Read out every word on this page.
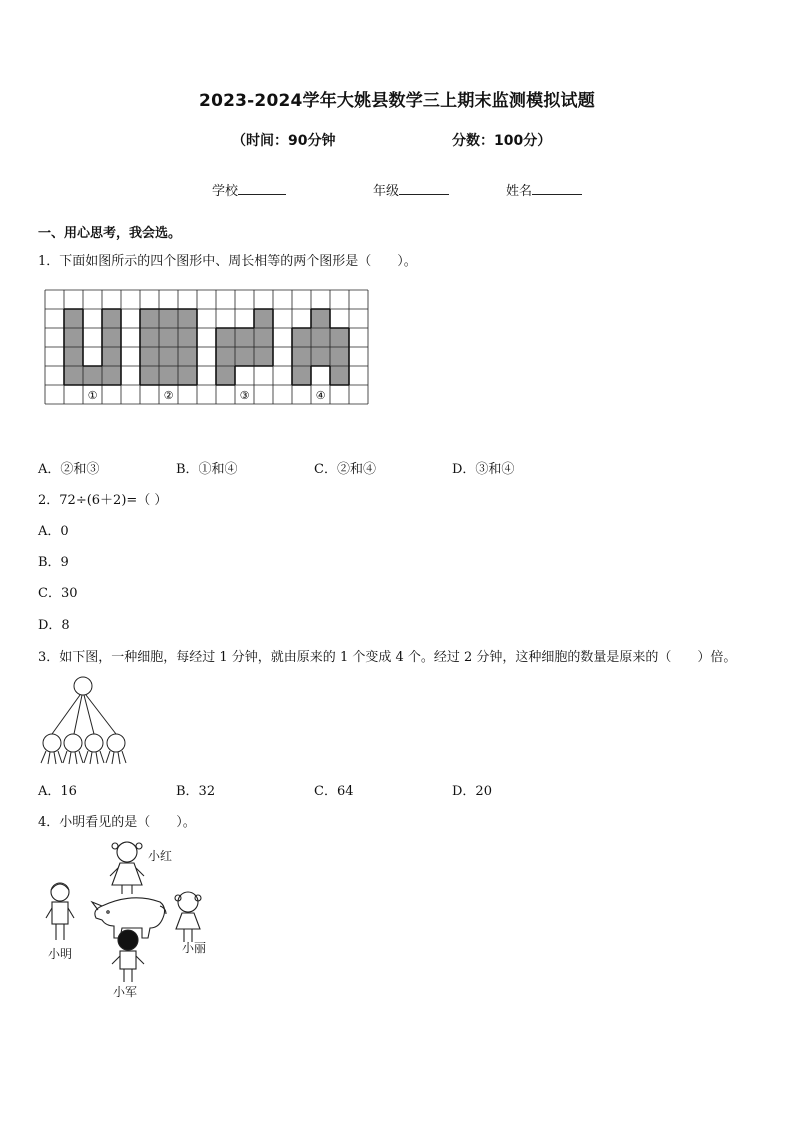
2023-2024学年大姚县数学三上期末监测模拟试题
（时间：90分钟	分数：100分）
学校	年级	姓名
一、用心思考，我会选。
1．下面如图所示的四个图形中、周长相等的两个图形是（　　）。
①	②	③	④
A．②和③	B．①和④	C．②和④	D．③和④
2．72÷(6＋2)=（ ）
A．0
B．9
C．30
D．8
3．如下图，一种细胞，每经过 1 分钟，就由原来的 1 个变成 4 个。经过 2 分钟，这种细胞的数量是原来的（　　）倍。
A．16	B．32	C．64	D．20
4．小明看见的是（　　）。
小红
小明	小丽
小军
